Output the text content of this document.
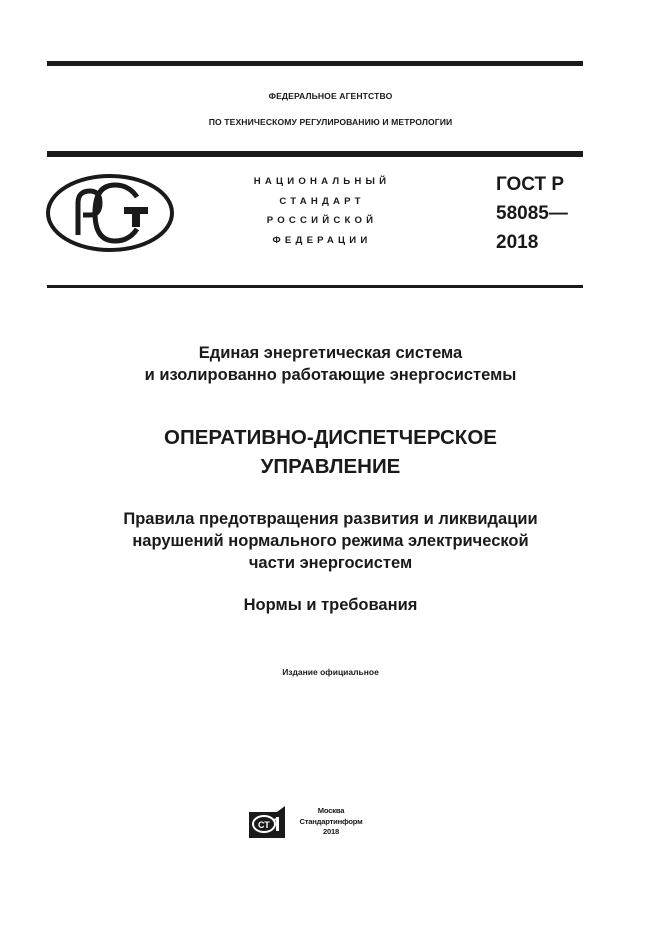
ФЕДЕРАЛЬНОЕ АГЕНТСТВО
ПО ТЕХНИЧЕСКОМУ РЕГУЛИРОВАНИЮ И МЕТРОЛОГИИ
НАЦИОНАЛЬНЫЙ
СТАНДАРТ
РОССИЙСКОЙ
ФЕДЕРАЦИИ
ГОСТ Р
58085—
2018
Единая энергетическая система
и изолированно работающие энергосистемы
ОПЕРАТИВНО-ДИСПЕТЧЕРСКОЕ
УПРАВЛЕНИЕ
Правила предотвращения развития и ликвидации
нарушений нормального режима электрической
части энергосистем
Нормы и требования
Издание официальное
СТ
Москва
Стандартинформ
2018
